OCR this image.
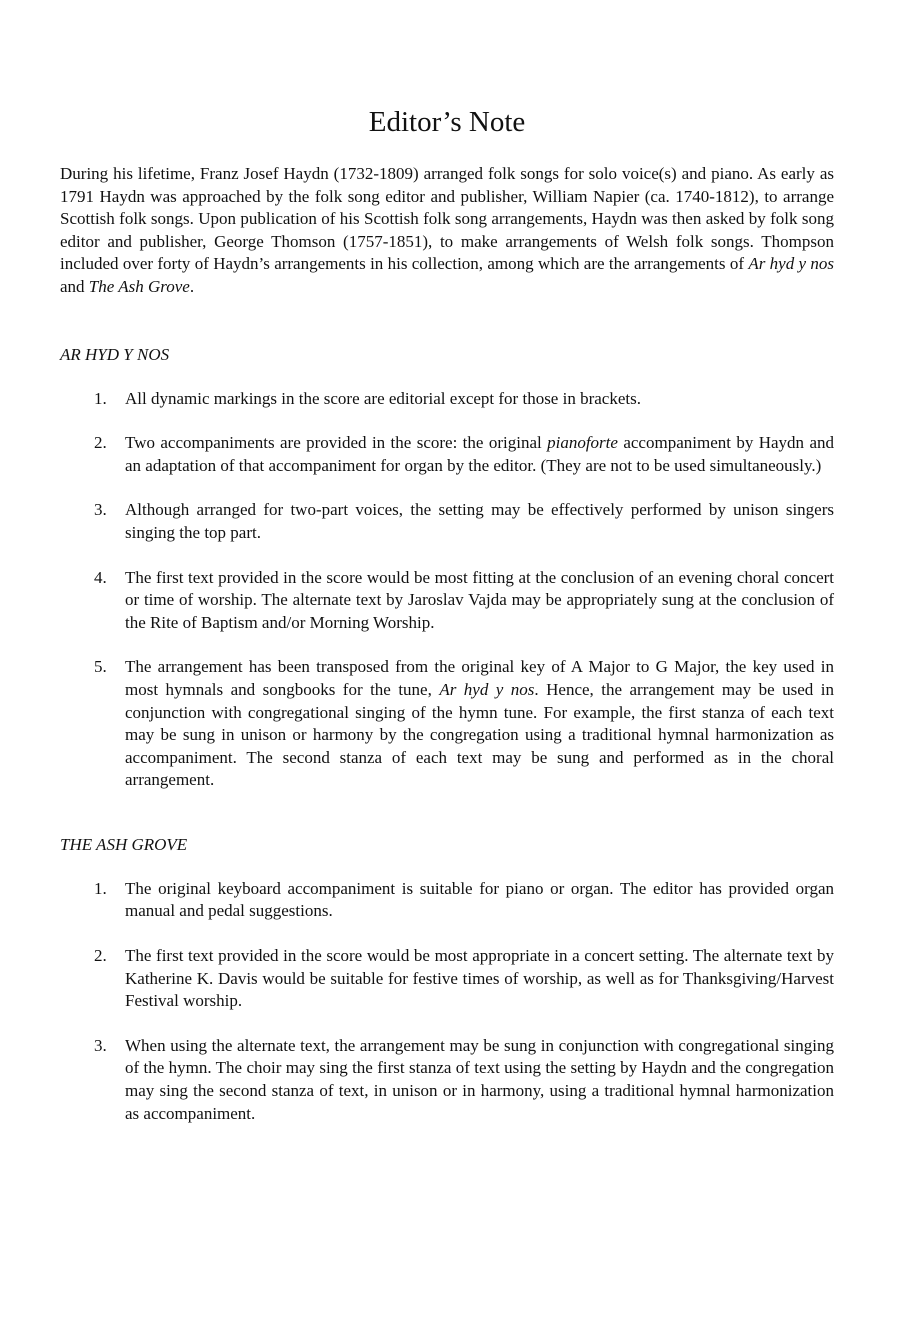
Editor’s Note

During his lifetime, Franz Josef Haydn (1732-1809) arranged folk songs for solo voice(s) and piano. As early as 1791 Haydn was approached by the folk song editor and publisher, William Napier (ca. 1740-1812), to arrange Scottish folk songs. Upon publication of his Scottish folk song arrangements, Haydn was then asked by folk song editor and publisher, George Thomson (1757-1851), to make arrangements of Welsh folk songs. Thompson included over forty of Haydn’s arrangements in his collection, among which are the arrangements of Ar hyd y nos and The Ash Grove.

AR HYD Y NOS

1. All dynamic markings in the score are editorial except for those in brackets.
2. Two accompaniments are provided in the score: the original pianoforte accompaniment by Haydn and an adaptation of that accompaniment for organ by the editor. (They are not to be used simultaneously.)
3. Although arranged for two-part voices, the setting may be effectively performed by unison singers singing the top part.
4. The first text provided in the score would be most fitting at the conclusion of an evening choral concert or time of worship. The alternate text by Jaroslav Vajda may be appropriately sung at the conclusion of the Rite of Baptism and/or Morning Worship.
5. The arrangement has been transposed from the original key of A Major to G Major, the key used in most hymnals and songbooks for the tune, Ar hyd y nos. Hence, the arrangement may be used in conjunction with congregational singing of the hymn tune. For example, the first stanza of each text may be sung in unison or harmony by the congregation using a traditional hymnal harmonization as accompaniment. The second stanza of each text may be sung and performed as in the choral arrangement.

THE ASH GROVE

1. The original keyboard accompaniment is suitable for piano or organ. The editor has provided organ manual and pedal suggestions.
2. The first text provided in the score would be most appropriate in a concert setting. The alternate text by Katherine K. Davis would be suitable for festive times of worship, as well as for Thanksgiving/Harvest Festival worship.
3. When using the alternate text, the arrangement may be sung in conjunction with congregational singing of the hymn. The choir may sing the first stanza of text using the setting by Haydn and the congregation may sing the second stanza of text, in unison or in harmony, using a traditional hymnal harmonization as accompaniment.
